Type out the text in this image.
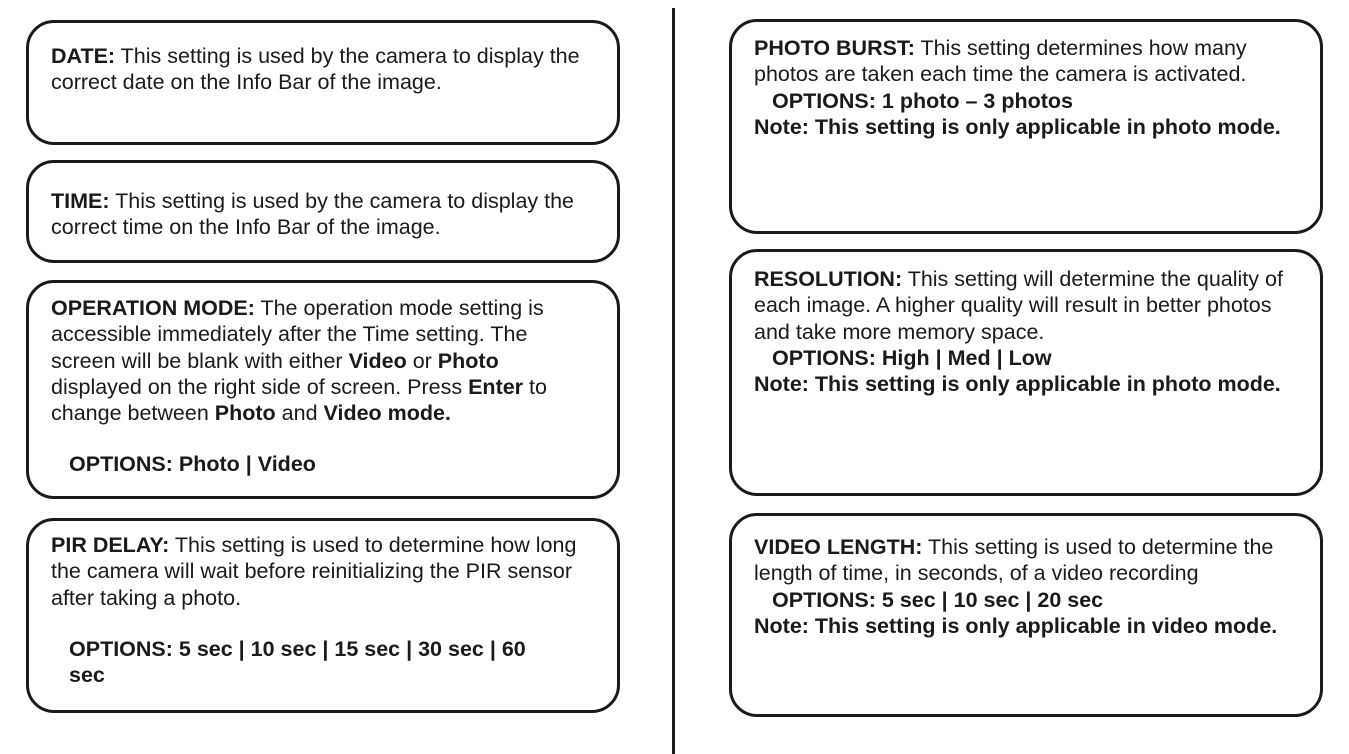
DATE: This setting is used by the camera to display the correct date on the Info Bar of the image.

TIME: This setting is used by the camera to display the correct time on the Info Bar of the image.

OPERATION MODE: The operation mode setting is accessible immediately after the Time setting. The screen will be blank with either Video or Photo displayed on the right side of screen. Press Enter to change between Photo and Video mode.

OPTIONS: Photo | Video

PIR DELAY: This setting is used to determine how long the camera will wait before reinitializing the PIR sensor after taking a photo.

OPTIONS: 5 sec | 10 sec | 15 sec | 30 sec | 60 sec

PHOTO BURST: This setting determines how many photos are taken each time the camera is activated.

OPTIONS: 1 photo – 3 photos

Note: This setting is only applicable in photo mode.

RESOLUTION: This setting will determine the quality of each image. A higher quality will result in better photos and take more memory space.

OPTIONS: High | Med | Low

Note: This setting is only applicable in photo mode.

VIDEO LENGTH: This setting is used to determine the length of time, in seconds, of a video recording

OPTIONS: 5 sec | 10 sec | 20 sec

Note: This setting is only applicable in video mode.
